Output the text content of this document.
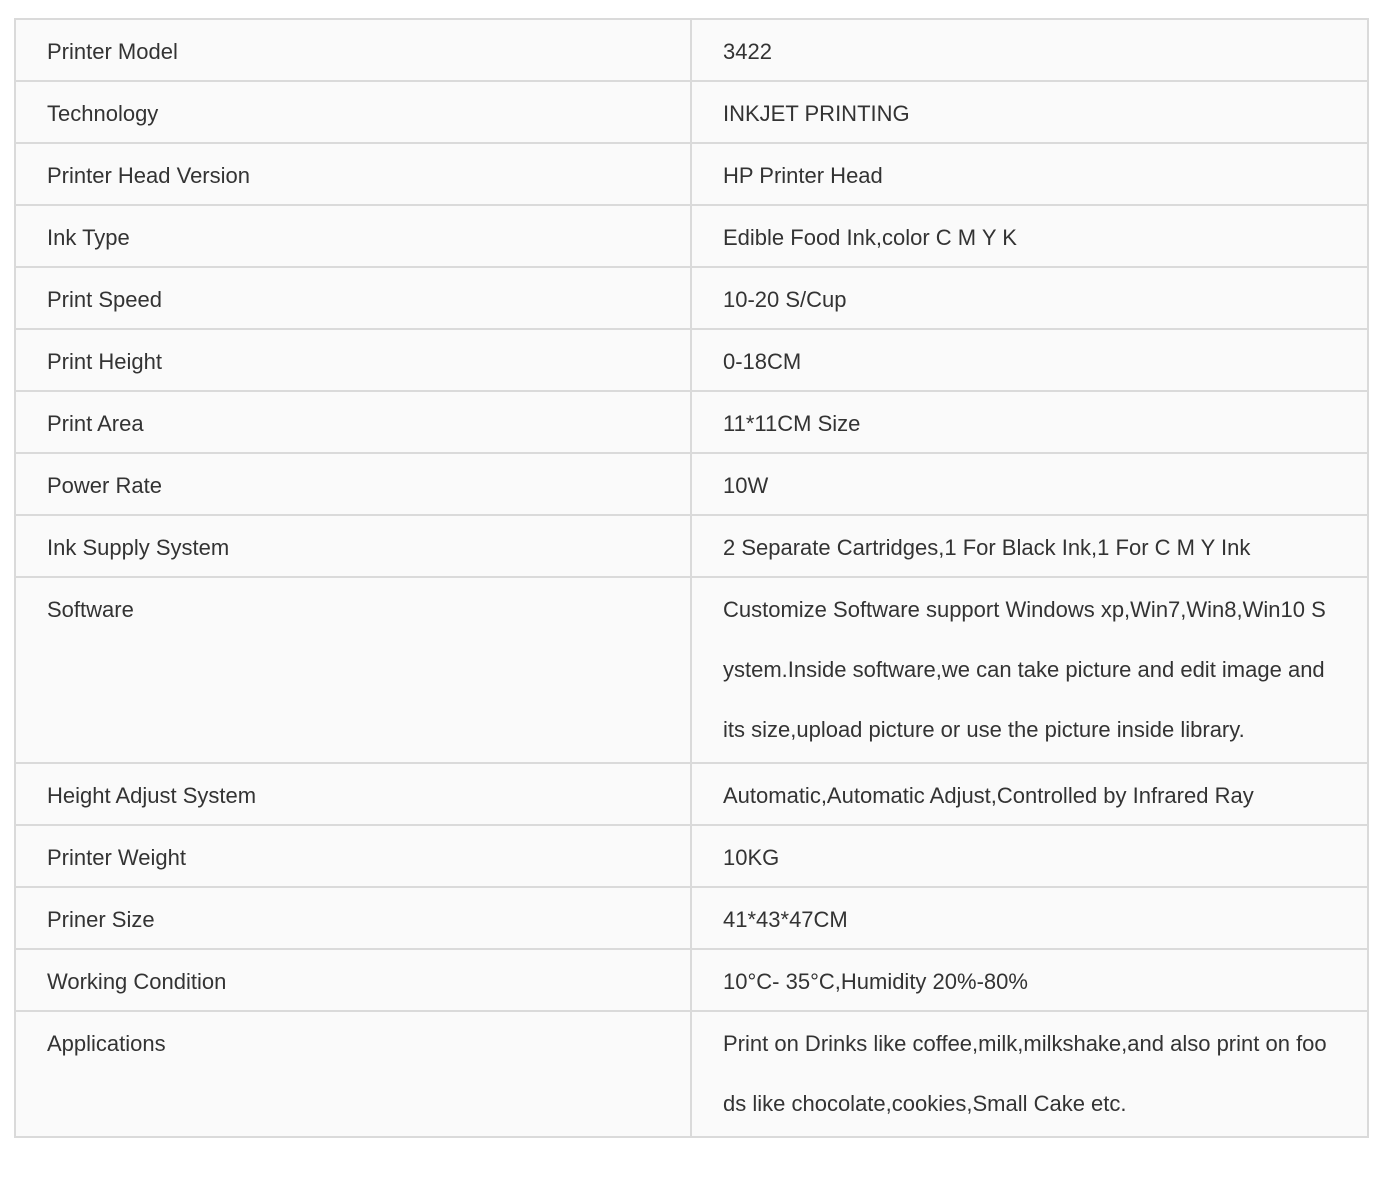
Printer Model	3422
Technology	INKJET PRINTING
Printer Head Version	HP Printer Head
Ink Type	Edible Food Ink,color C M Y K
Print Speed	10-20 S/Cup
Print Height	0-18CM
Print Area	11*11CM Size
Power Rate	10W
Ink Supply System	2 Separate Cartridges,1 For Black Ink,1 For C M Y Ink
Software	Customize Software support Windows xp,Win7,Win8,Win10 System.Inside software,we can take picture and edit image and its size,upload picture or use the picture inside library.
Height Adjust System	Automatic,Automatic Adjust,Controlled by Infrared Ray
Printer Weight	10KG
Priner Size	41*43*47CM
Working Condition	10°C- 35°C,Humidity 20%-80%
Applications	Print on Drinks like coffee,milk,milkshake,and also print on foods like chocolate,cookies,Small Cake etc.
